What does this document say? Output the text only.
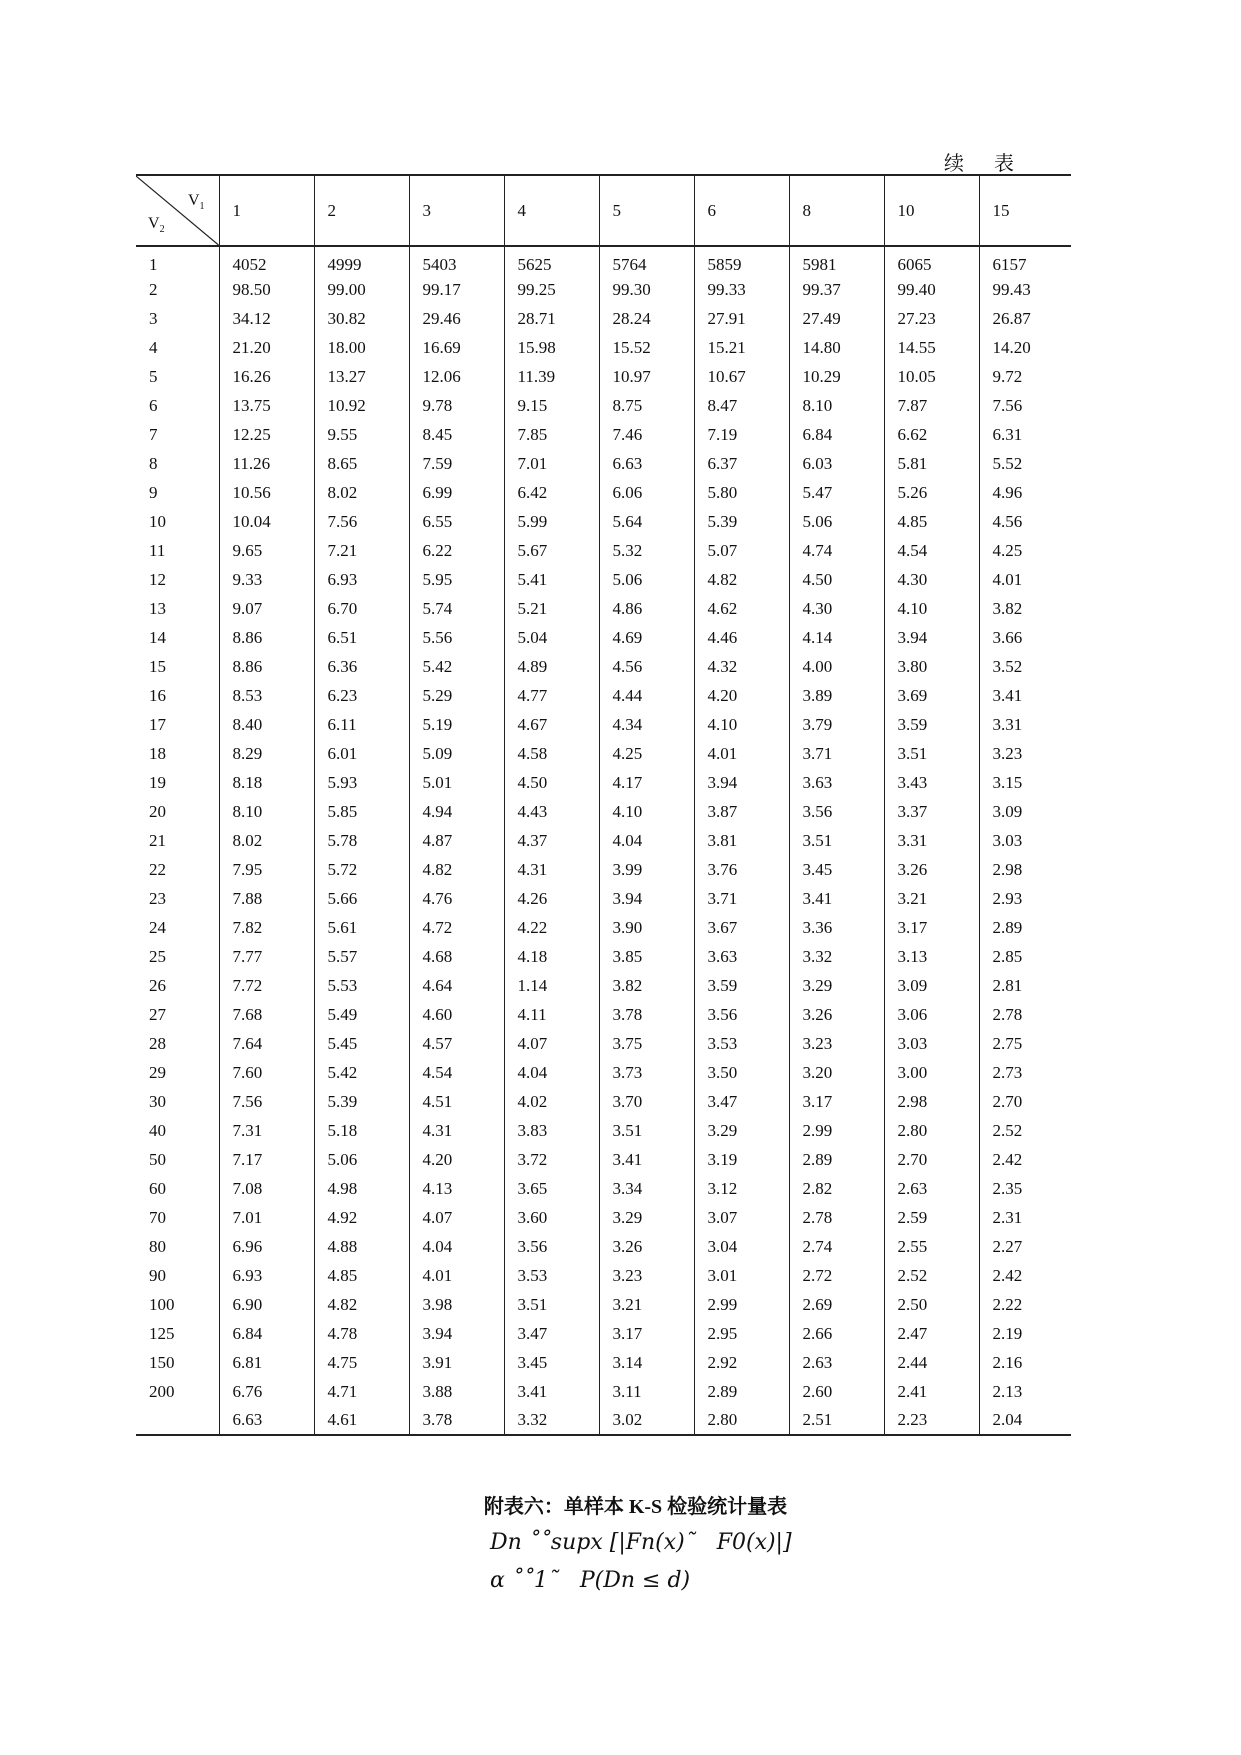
续 表
$V_1$
$V_2$	1	2	3	4	5	6	8	10	15
1	4052	4999	5403	5625	5764	5859	5981	6065	6157
2	98.50	99.00	99.17	99.25	99.30	99.33	99.37	99.40	99.43
3	34.12	30.82	29.46	28.71	28.24	27.91	27.49	27.23	26.87
4	21.20	18.00	16.69	15.98	15.52	15.21	14.80	14.55	14.20
5	16.26	13.27	12.06	11.39	10.97	10.67	10.29	10.05	9.72
6	13.75	10.92	9.78	9.15	8.75	8.47	8.10	7.87	7.56
7	12.25	9.55	8.45	7.85	7.46	7.19	6.84	6.62	6.31
8	11.26	8.65	7.59	7.01	6.63	6.37	6.03	5.81	5.52
9	10.56	8.02	6.99	6.42	6.06	5.80	5.47	5.26	4.96
10	10.04	7.56	6.55	5.99	5.64	5.39	5.06	4.85	4.56
11	9.65	7.21	6.22	5.67	5.32	5.07	4.74	4.54	4.25
12	9.33	6.93	5.95	5.41	5.06	4.82	4.50	4.30	4.01
13	9.07	6.70	5.74	5.21	4.86	4.62	4.30	4.10	3.82
14	8.86	6.51	5.56	5.04	4.69	4.46	4.14	3.94	3.66
15	8.86	6.36	5.42	4.89	4.56	4.32	4.00	3.80	3.52
16	8.53	6.23	5.29	4.77	4.44	4.20	3.89	3.69	3.41
17	8.40	6.11	5.19	4.67	4.34	4.10	3.79	3.59	3.31
18	8.29	6.01	5.09	4.58	4.25	4.01	3.71	3.51	3.23
19	8.18	5.93	5.01	4.50	4.17	3.94	3.63	3.43	3.15
20	8.10	5.85	4.94	4.43	4.10	3.87	3.56	3.37	3.09
21	8.02	5.78	4.87	4.37	4.04	3.81	3.51	3.31	3.03
22	7.95	5.72	4.82	4.31	3.99	3.76	3.45	3.26	2.98
23	7.88	5.66	4.76	4.26	3.94	3.71	3.41	3.21	2.93
24	7.82	5.61	4.72	4.22	3.90	3.67	3.36	3.17	2.89
25	7.77	5.57	4.68	4.18	3.85	3.63	3.32	3.13	2.85
26	7.72	5.53	4.64	1.14	3.82	3.59	3.29	3.09	2.81
27	7.68	5.49	4.60	4.11	3.78	3.56	3.26	3.06	2.78
28	7.64	5.45	4.57	4.07	3.75	3.53	3.23	3.03	2.75
29	7.60	5.42	4.54	4.04	3.73	3.50	3.20	3.00	2.73
30	7.56	5.39	4.51	4.02	3.70	3.47	3.17	2.98	2.70
40	7.31	5.18	4.31	3.83	3.51	3.29	2.99	2.80	2.52
50	7.17	5.06	4.20	3.72	3.41	3.19	2.89	2.70	2.42
60	7.08	4.98	4.13	3.65	3.34	3.12	2.82	2.63	2.35
70	7.01	4.92	4.07	3.60	3.29	3.07	2.78	2.59	2.31
80	6.96	4.88	4.04	3.56	3.26	3.04	2.74	2.55	2.27
90	6.93	4.85	4.01	3.53	3.23	3.01	2.72	2.52	2.42
100	6.90	4.82	3.98	3.51	3.21	2.99	2.69	2.50	2.22
125	6.84	4.78	3.94	3.47	3.17	2.95	2.66	2.47	2.19
150	6.81	4.75	3.91	3.45	3.14	2.92	2.63	2.44	2.16
200	6.76	4.71	3.88	3.41	3.11	2.89	2.60	2.41	2.13
	6.63	4.61	3.78	3.32	3.02	2.80	2.51	2.23	2.04
附表六：单样本 K-S 检验统计量表
Dn ˚˚supx [|Fn(x)˜   F0(x)|]
α ˚˚1˜   P(Dn ≤ d)
